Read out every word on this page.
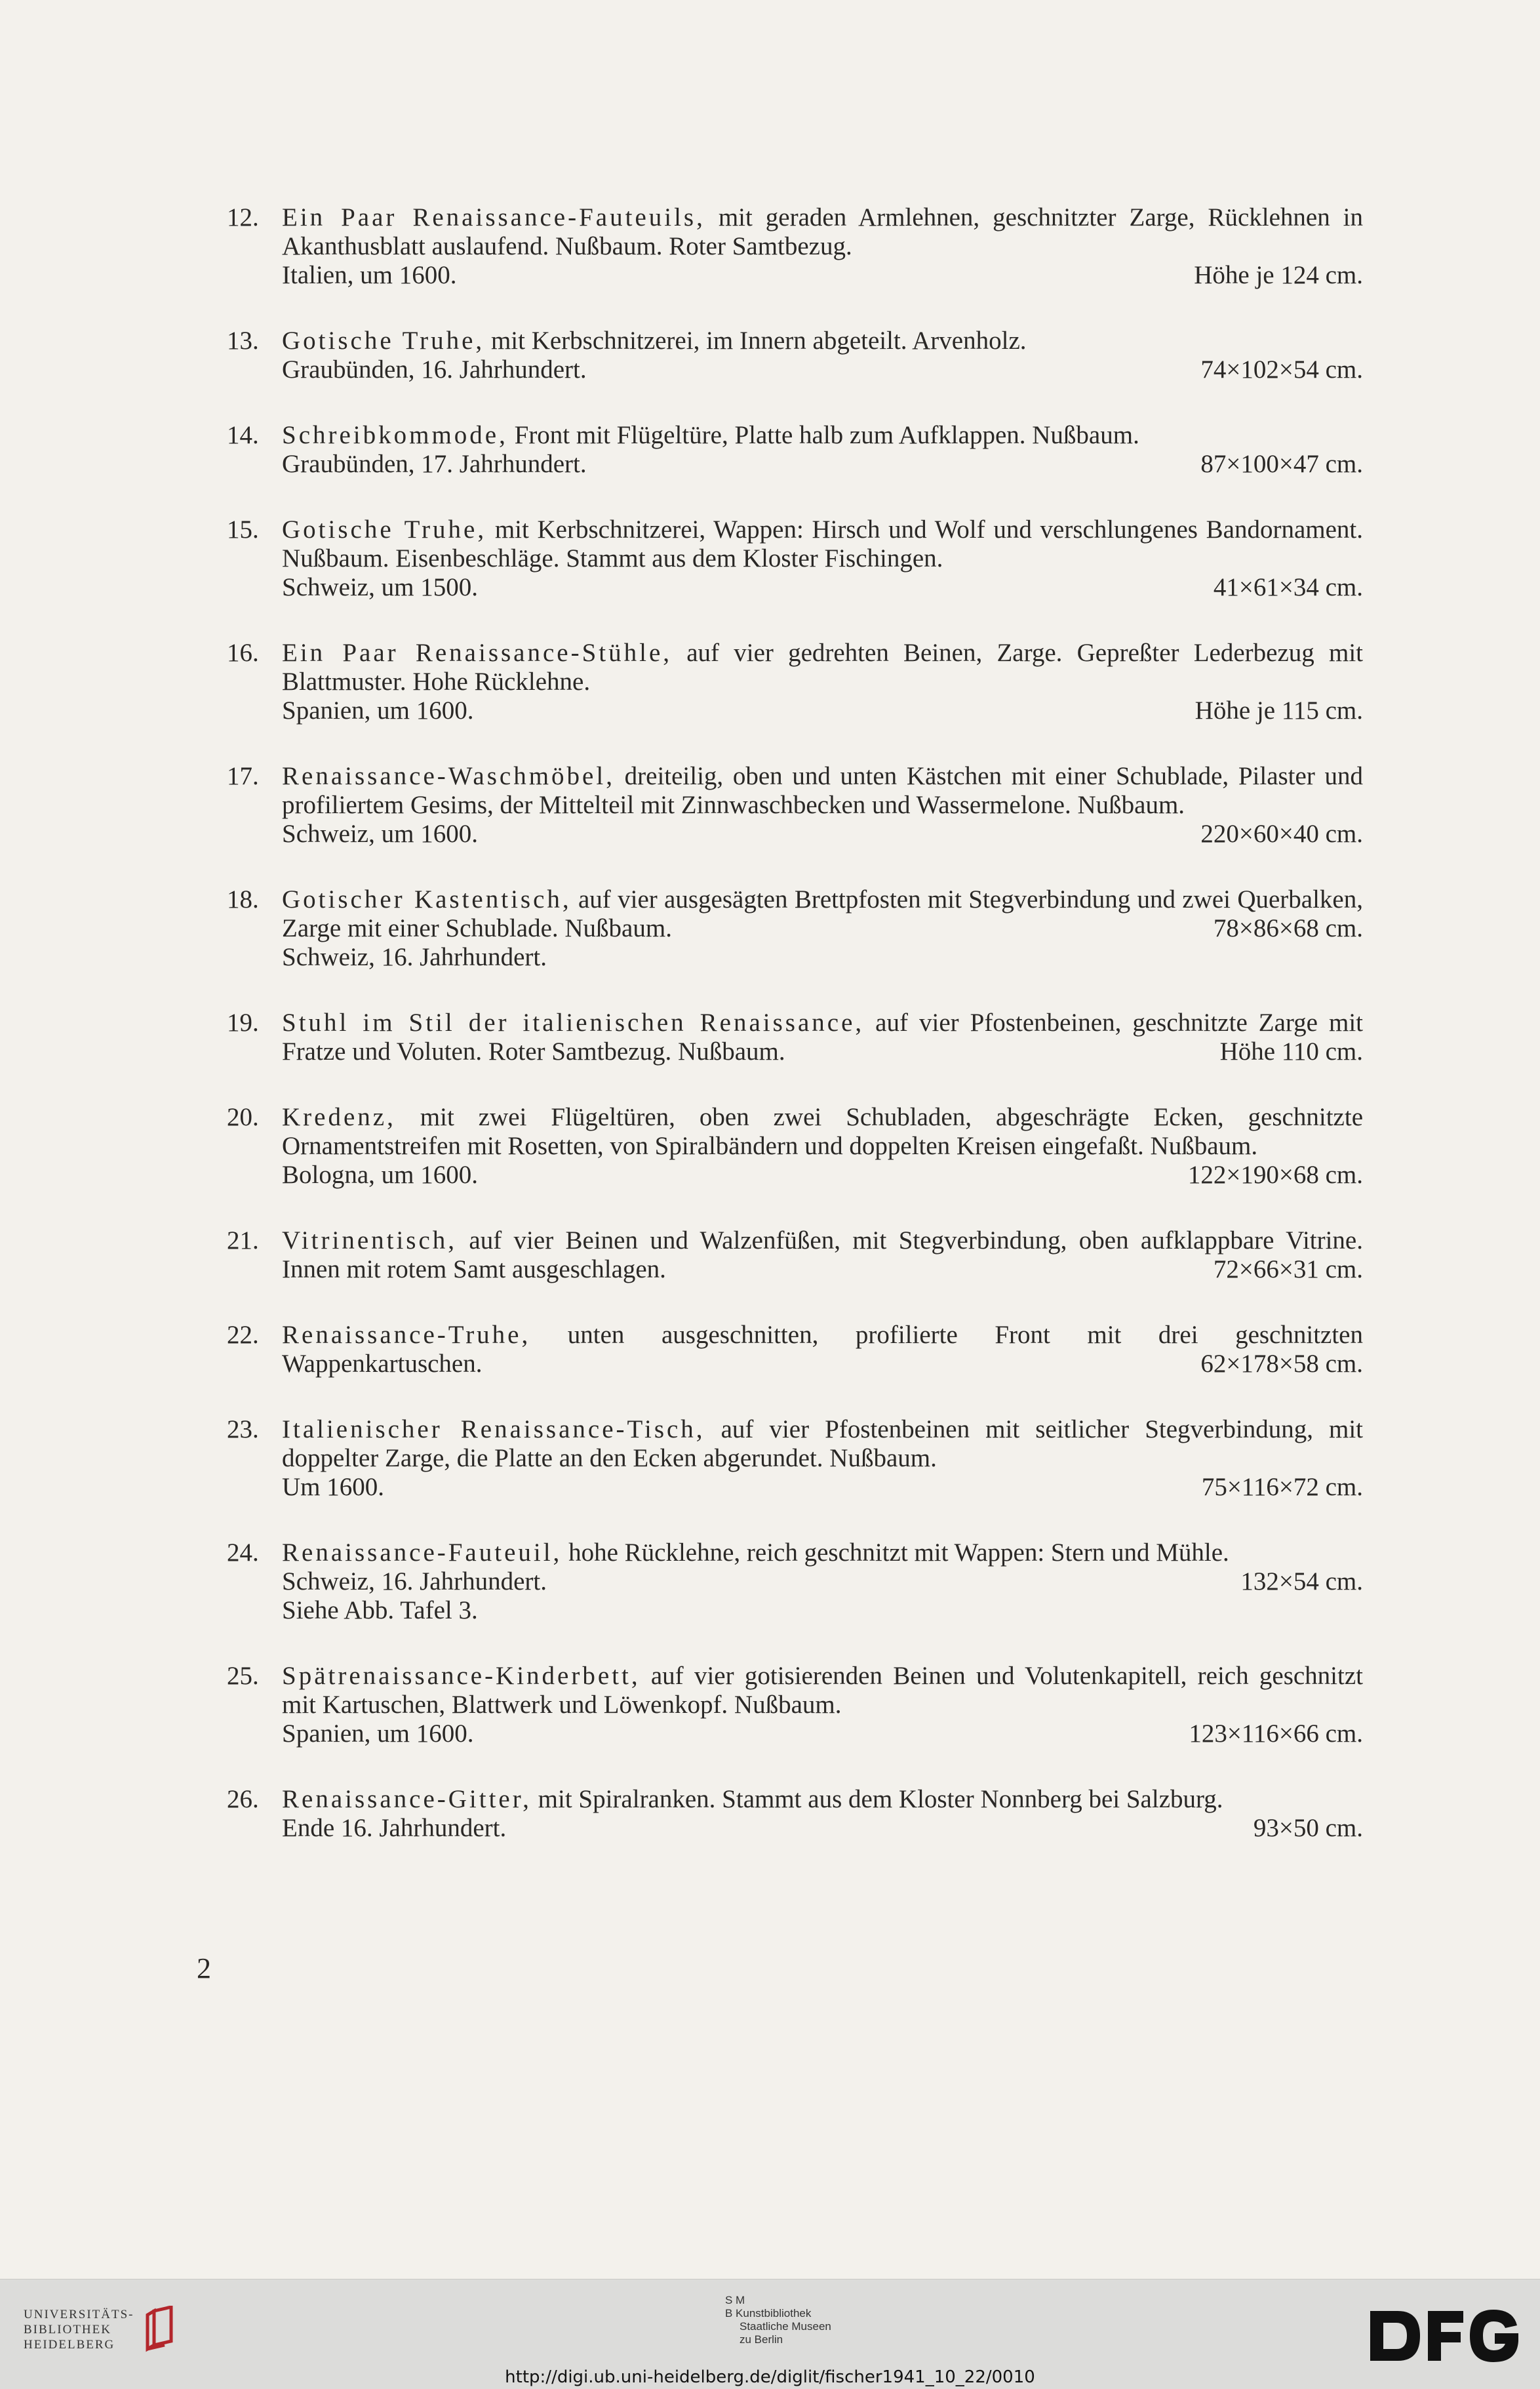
12. Ein Paar Renaissance-Fauteuils, mit geraden Armlehnen, geschnitzter Zarge, Rücklehnen in Akanthusblatt auslaufend. Nußbaum. Roter Samtbezug.
Italien, um 1600.	Höhe je 124 cm.
13. Gotische Truhe, mit Kerbschnitzerei, im Innern abgeteilt. Arvenholz.
Graubünden, 16. Jahrhundert.	74×102×54 cm.
14. Schreibkommode, Front mit Flügeltüre, Platte halb zum Aufklappen. Nußbaum.
Graubünden, 17. Jahrhundert.	87×100×47 cm.
15. Gotische Truhe, mit Kerbschnitzerei, Wappen: Hirsch und Wolf und verschlungenes Bandornament. Nußbaum. Eisenbeschläge. Stammt aus dem Kloster Fischingen.
Schweiz, um 1500.	41×61×34 cm.
16. Ein Paar Renaissance-Stühle, auf vier gedrehten Beinen, Zarge. Gepreßter Lederbezug mit Blattmuster. Hohe Rücklehne.
Spanien, um 1600.	Höhe je 115 cm.
17. Renaissance-Waschmöbel, dreiteilig, oben und unten Kästchen mit einer Schublade, Pilaster und profiliertem Gesims, der Mittelteil mit Zinnwaschbecken und Wassermelone. Nußbaum.
Schweiz, um 1600.	220×60×40 cm.
18. Gotischer Kastentisch, auf vier ausgesägten Brettpfosten mit Stegverbindung und zwei Querbalken, Zarge mit einer Schublade. Nußbaum. 	78×86×68 cm.
Schweiz, 16. Jahrhundert.
19. Stuhl im Stil der italienischen Renaissance, auf vier Pfostenbeinen, geschnitzte Zarge mit Fratze und Voluten. Roter Samtbezug. Nußbaum. 	Höhe 110 cm.
20. Kredenz, mit zwei Flügeltüren, oben zwei Schubladen, abgeschrägte Ecken, geschnitzte Ornamentstreifen mit Rosetten, von Spiralbändern und doppelten Kreisen eingefaßt. Nußbaum.
Bologna, um 1600.	122×190×68 cm.
21. Vitrinentisch, auf vier Beinen und Walzenfüßen, mit Stegverbindung, oben aufklappbare Vitrine. Innen mit rotem Samt ausgeschlagen. 	72×66×31 cm.
22. Renaissance-Truhe, unten ausgeschnitten, profilierte Front mit drei geschnitzten Wappenkartuschen. 	62×178×58 cm.
23. Italienischer Renaissance-Tisch, auf vier Pfostenbeinen mit seitlicher Stegverbindung, mit doppelter Zarge, die Platte an den Ecken abgerundet. Nußbaum.
Um 1600.	75×116×72 cm.
24. Renaissance-Fauteuil, hohe Rücklehne, reich geschnitzt mit Wappen: Stern und Mühle.
Schweiz, 16. Jahrhundert.	132×54 cm.
Siehe Abb. Tafel 3.
25. Spätrenaissance-Kinderbett, auf vier gotisierenden Beinen und Volutenkapitell, reich geschnitzt mit Kartuschen, Blattwerk und Löwenkopf. Nußbaum.
Spanien, um 1600.	123×116×66 cm.
26. Renaissance-Gitter, mit Spiralranken. Stammt aus dem Kloster Nonnberg bei Salzburg.
Ende 16. Jahrhundert.	93×50 cm.
2
UNIVERSITÄTS-
BIBLIOTHEK
HEIDELBERG
S M
B Kunstbibliothek
Staatliche Museen
zu Berlin
http://digi.ub.uni-heidelberg.de/diglit/fischer1941_10_22/0010
